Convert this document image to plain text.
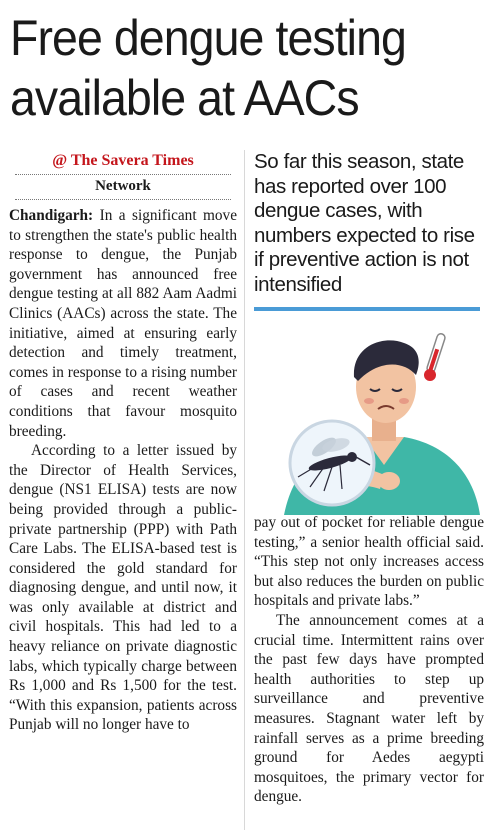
Free dengue testing
available at AACs
@ The Savera Times
Network

Chandigarh: In a significant move to strengthen the state's public health response to dengue, the Punjab government has announced free dengue testing at all 882 Aam Aadmi Clinics (AACs) across the state. The initiative, aimed at ensuring early detection and timely treatment, comes in response to a rising number of cases and recent weather conditions that favour mosquito breeding.

According to a letter issued by the Director of Health Services, dengue (NS1 ELISA) tests are now being provided through a public-private partnership (PPP) with Path Care Labs. The ELISA-based test is considered the gold standard for diagnosing dengue, and until now, it was only available at district and civil hospitals. This had led to a heavy reliance on private diagnostic labs, which typically charge between Rs 1,000 and Rs 1,500 for the test. “With this expansion, patients across Punjab will no longer have to

So far this season, state has reported over 100 dengue cases, with numbers expected to rise if preventive action is not intensified

pay out of pocket for reliable dengue testing,” a senior health official said. “This step not only increases access but also reduces the burden on public hospitals and private labs.”

The announcement comes at a crucial time. Intermittent rains over the past few days have prompted health authorities to step up surveillance and preventive measures. Stagnant water left by rainfall serves as a prime breeding ground for Aedes aegypti mosquitoes, the primary vector for dengue.
